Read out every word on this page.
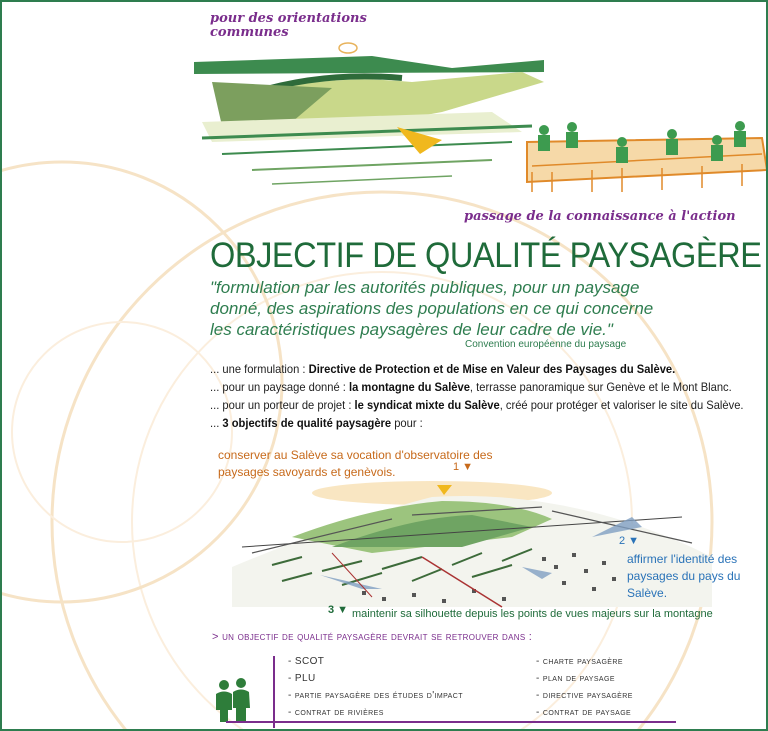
pour des orientations communes
passage de la connaissance à l'action
OBJECTIF DE QUALITÉ PAYSAGÈRE
"formulation par les autorités publiques, pour un paysage donné, des aspirations des populations en ce qui concerne les caractéristiques paysagères de leur cadre de vie."
Convention européenne du paysage
... une formulation : Directive de Protection et de Mise en Valeur des Paysages du Salève.
... pour un paysage donné : la montagne du Salève, terrasse panoramique sur Genève et le Mont Blanc.
... pour un porteur de projet : le syndicat mixte du Salève, créé pour protéger et valoriser le site du Salève.
... 3 objectifs de qualité paysagère pour :
conserver au Salève sa vocation d'observatoire des paysages savoyards et genèvois.	1 ▼
2 ▼
affirmer l'identité des paysages du pays du Salève.
3 ▼ maintenir sa silhouette depuis les points de vues majeurs sur la montagne
> un objectif de qualité paysagère devrait se retrouver dans :
- SCOT
- PLU
- partie paysagère des études d'impact
- contrat de rivières
- charte paysagère
- plan de paysage
- directive paysagère
- contrat de paysage
